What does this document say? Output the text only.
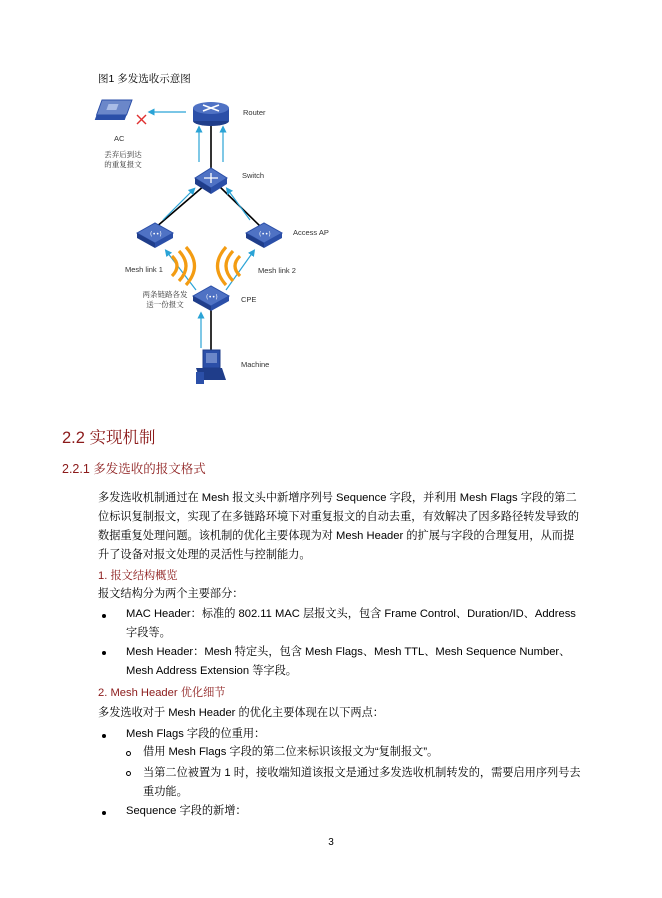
图1 多发选收示意图
(••)	(••)
(••)
Router
AC
丢弃后到达
的重复报文
Switch
Access AP
Mesh link 1	Mesh link 2
两条链路各发
送一份报文
CPE
Machine
2.2 实现机制
2.2.1 多发选收的报文格式
多发选收机制通过在 Mesh 报文头中新增序列号 Sequence 字段，并利用 Mesh Flags 字段的第二
位标识复制报文，实现了在多链路环境下对重复报文的自动去重，有效解决了因多路径转发导致的
数据重复处理问题。该机制的优化主要体现为对 Mesh Header 的扩展与字段的合理复用，从而提
升了设备对报文处理的灵活性与控制能力。
1. 报文结构概览
报文结构分为两个主要部分：
MAC Header：标准的 802.11 MAC 层报文头，包含 Frame Control、Duration/ID、Address
字段等。
Mesh Header：Mesh 特定头，包含 Mesh Flags、Mesh TTL、Mesh Sequence Number、
Mesh Address Extension 等字段。
2. Mesh Header 优化细节
多发选收对于 Mesh Header 的优化主要体现在以下两点：
Mesh Flags 字段的位重用：
借用 Mesh Flags 字段的第二位来标识该报文为“复制报文”。
当第二位被置为 1 时，接收端知道该报文是通过多发选收机制转发的，需要启用序列号去
重功能。
Sequence 字段的新增：
3
